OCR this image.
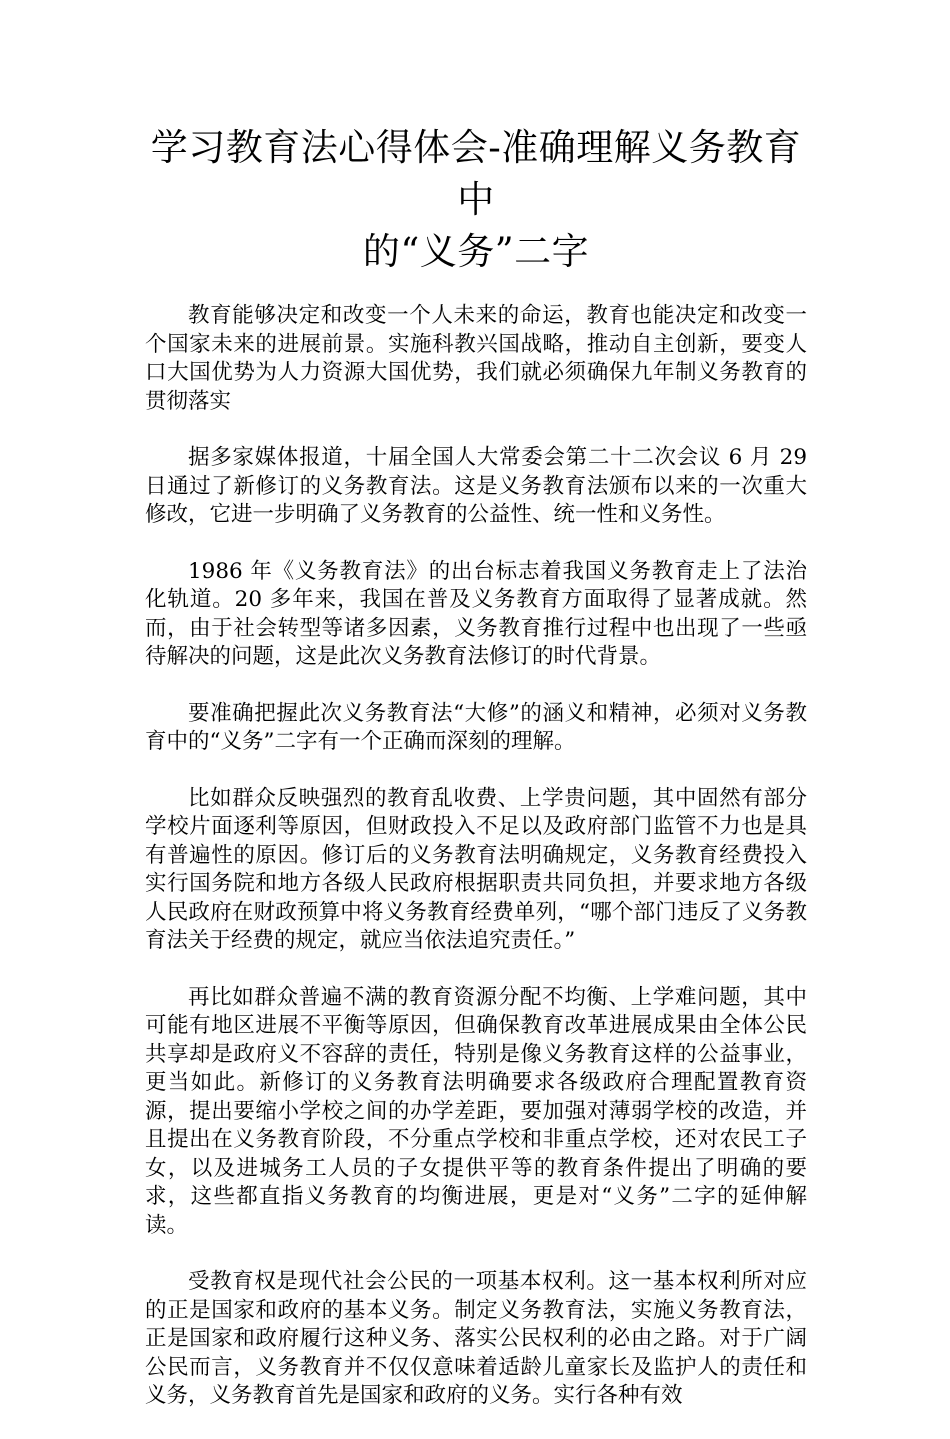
学习教育法心得体会-准确理解义务教育中
的“义务”二字

教育能够决定和改变一个人未来的命运，教育也能决定和改变一个国家未来的进展前景。实施科教兴国战略，推动自主创新，要变人口大国优势为人力资源大国优势，我们就必须确保九年制义务教育的贯彻落实

据多家媒体报道，十届全国人大常委会第二十二次会议 6 月 29 日通过了新修订的义务教育法。这是义务教育法颁布以来的一次重大修改，它进一步明确了义务教育的公益性、统一性和义务性。

1986 年《义务教育法》的出台标志着我国义务教育走上了法治化轨道。20 多年来，我国在普及义务教育方面取得了显著成就。然而，由于社会转型等诸多因素，义务教育推行过程中也出现了一些亟待解决的问题，这是此次义务教育法修订的时代背景。

要准确把握此次义务教育法“大修”的涵义和精神，必须对义务教育中的“义务”二字有一个正确而深刻的理解。

比如群众反映强烈的教育乱收费、上学贵问题，其中固然有部分学校片面逐利等原因，但财政投入不足以及政府部门监管不力也是具有普遍性的原因。修订后的义务教育法明确规定，义务教育经费投入实行国务院和地方各级人民政府根据职责共同负担，并要求地方各级人民政府在财政预算中将义务教育经费单列，“哪个部门违反了义务教育法关于经费的规定，就应当依法追究责任。”

再比如群众普遍不满的教育资源分配不均衡、上学难问题，其中可能有地区进展不平衡等原因，但确保教育改革进展成果由全体公民共享却是政府义不容辞的责任，特别是像义务教育这样的公益事业，更当如此。新修订的义务教育法明确要求各级政府合理配置教育资源，提出要缩小学校之间的办学差距，要加强对薄弱学校的改造，并且提出在义务教育阶段，不分重点学校和非重点学校，还对农民工子女，以及进城务工人员的子女提供平等的教育条件提出了明确的要求，这些都直指义务教育的均衡进展，更是对“义务”二字的延伸解读。

受教育权是现代社会公民的一项基本权利。这一基本权利所对应的正是国家和政府的基本义务。制定义务教育法，实施义务教育法，正是国家和政府履行这种义务、落实公民权利的必由之路。对于广阔公民而言，义务教育并不仅仅意味着适龄儿童家长及监护人的责任和义务，义务教育首先是国家和政府的义务。实行各种有效
